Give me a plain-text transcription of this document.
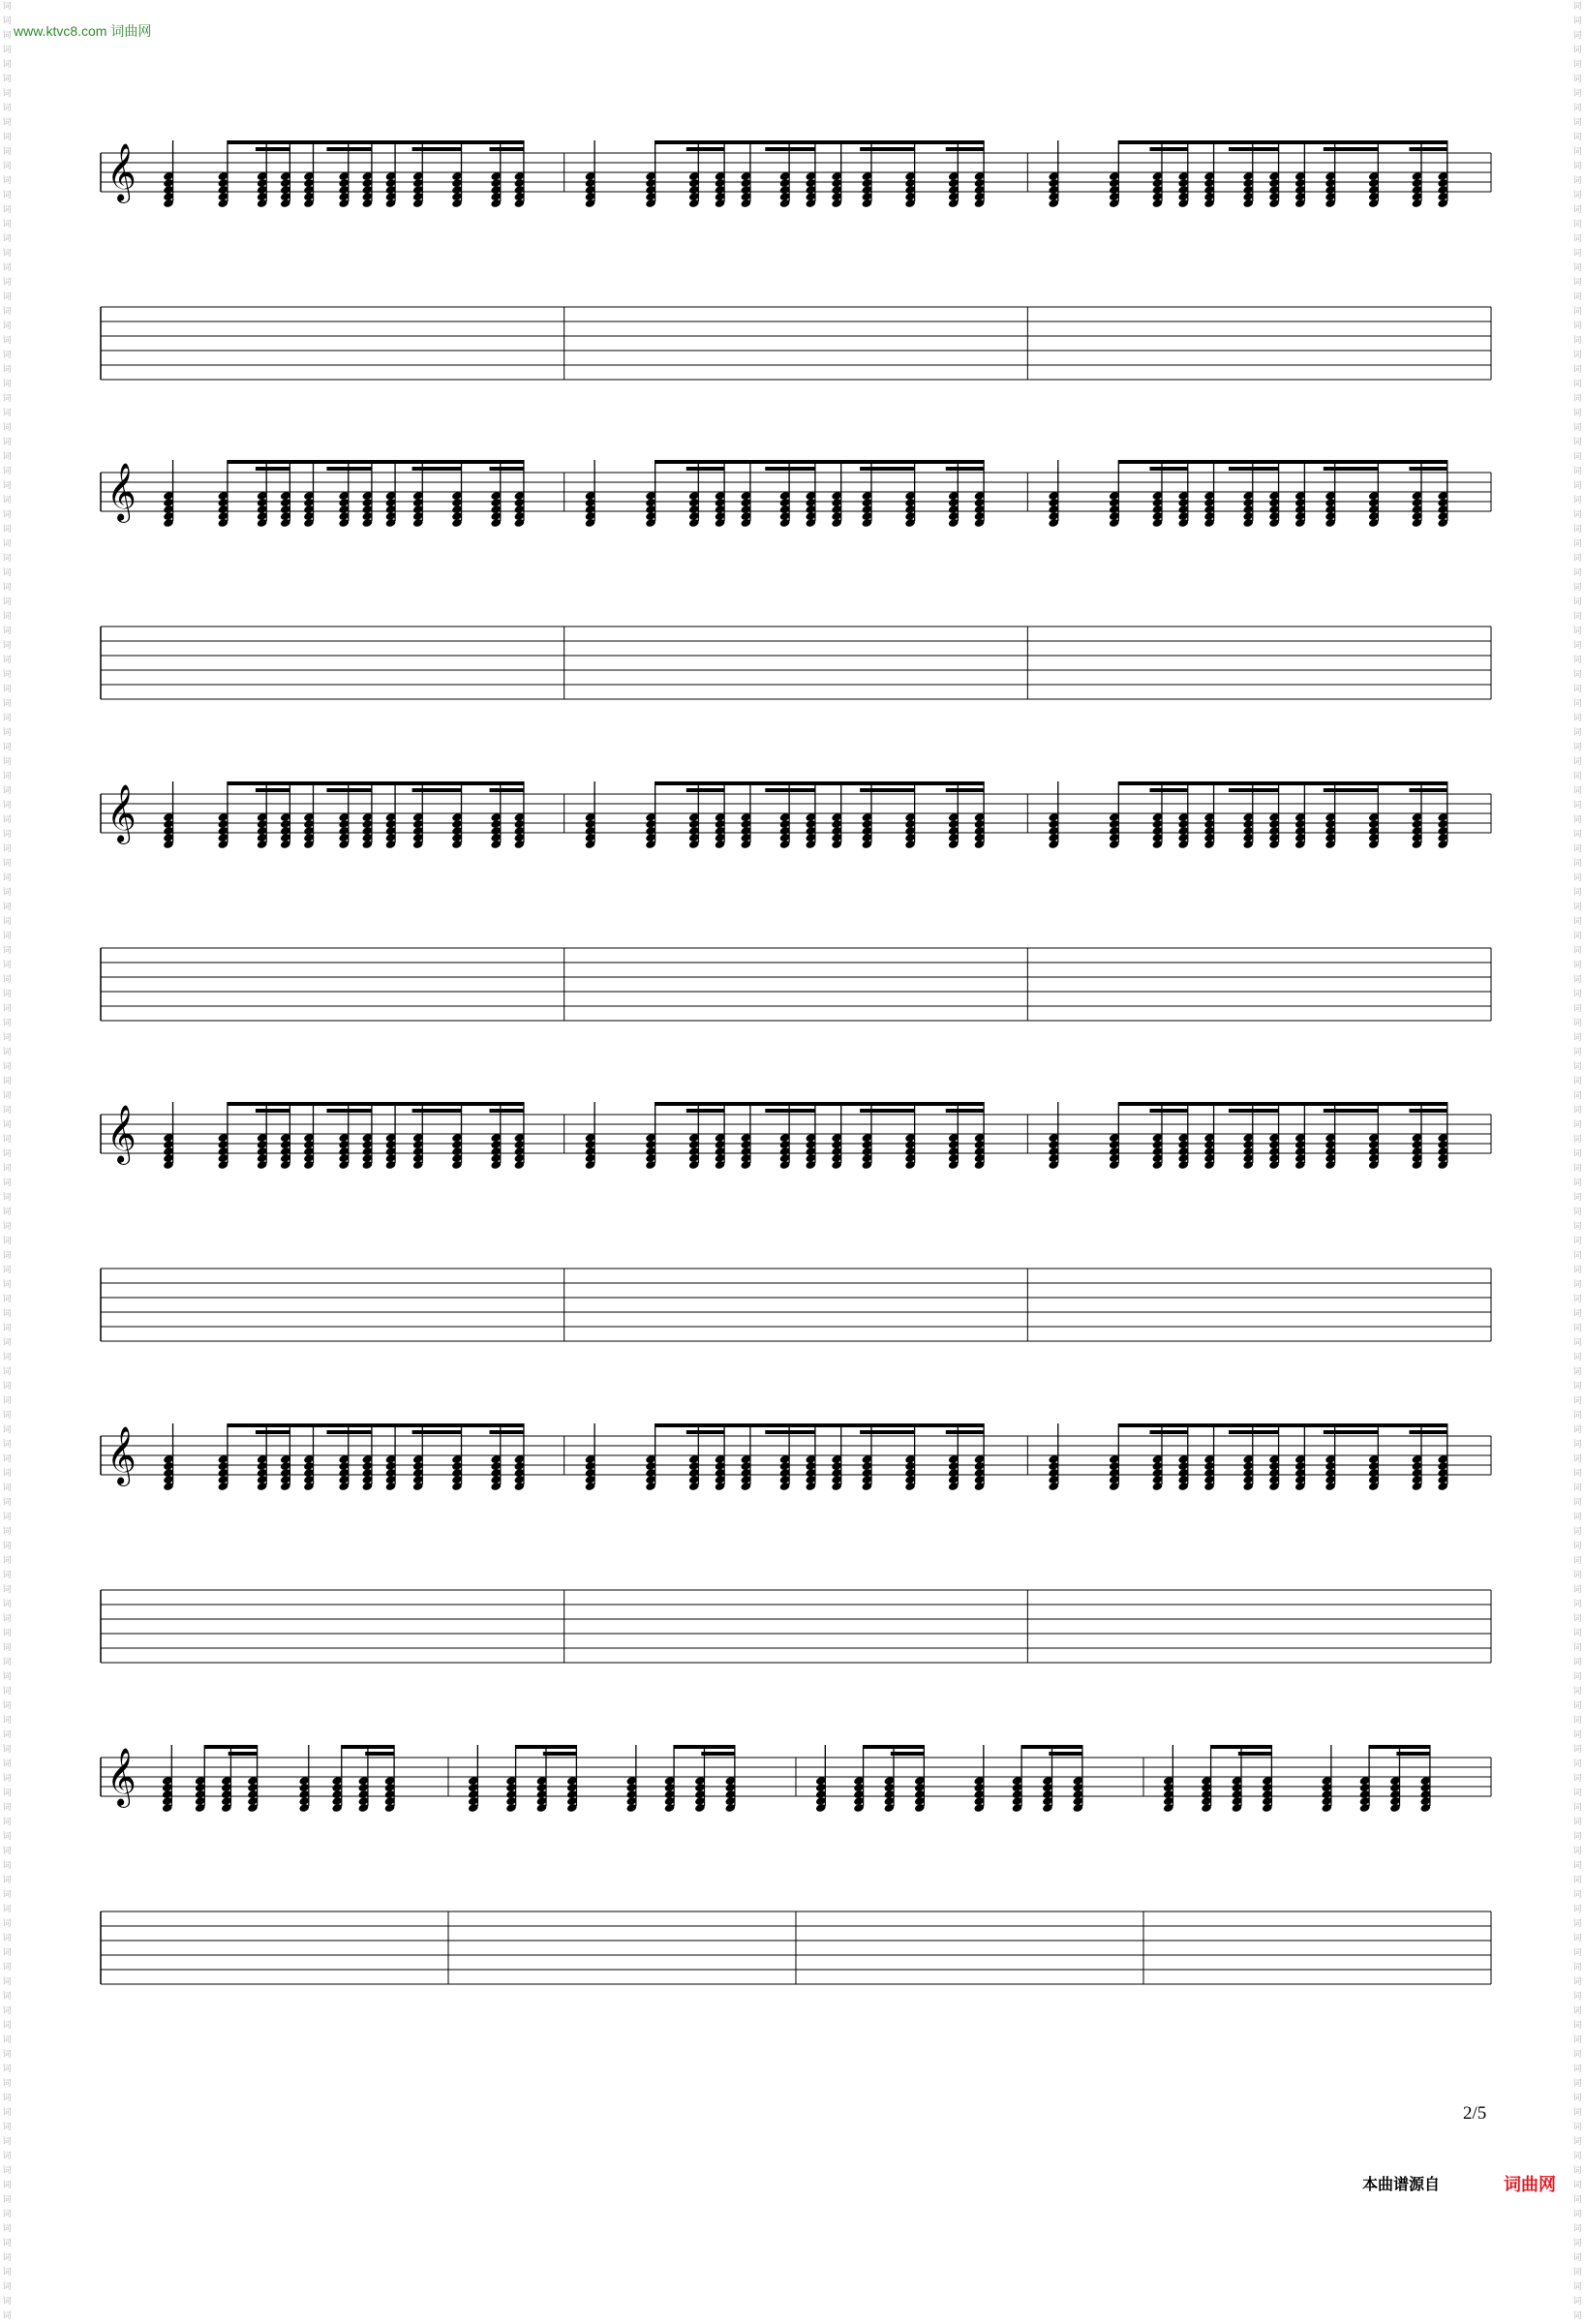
www.ktvc8.com 词曲网
词 词 词 词 词 词 词 词 词 词 词 词 词 词 词 词 词 词 词 词 词 词 词 词 词 词 词 词 词 词 词 词 词 词 词 词 词 词 词 词 词 词 词 词 词 词 词 词 词 词 词 词 词 词 词 词 词 词 词 词 词 词 词 词 词 词 词 词 词 词 词 词 词 词 词 词 词 词 词 词 词 词 词 词 词 词 词 词 词 词 词 词 词 词 词 词 词 词 词 词 词 词 词 词 词 词 词 词 词 词 词 词 词 词 词 词 词 词 词 词 词 词 词 词 词 词 词 词 词 词 词 词 词 词 词 词 词 词 词 词 词 词 词 词 词 词 词 词 词 词 词 词 词 词 词 词 词 词 词 词
词 词 词 词 词 词 词 词 词 词 词 词 词 词 词 词 词 词 词 词 词 词 词 词 词 词 词 词 词 词 词 词 词 词 词 词 词 词 词 词 词 词 词 词 词 词 词 词 词 词 词 词 词 词 词 词 词 词 词 词 词 词 词 词 词 词 词 词 词 词 词 词 词 词 词 词 词 词 词 词 词 词 词 词 词 词 词 词 词 词 词 词 词 词 词 词 词 词 词 词 词 词 词 词 词 词 词 词 词 词 词 词 词 词 词 词 词 词 词 词 词 词 词 词 词 词 词 词 词 词 词 词 词 词 词 词 词 词 词 词 词 词 词 词 词 词 词 词 词 词 词 词 词 词 词 词 词 词 词 词
𝄞
𝄞
𝄞
𝄞
𝄞
𝄞
2/5
本曲谱源自	词曲网
